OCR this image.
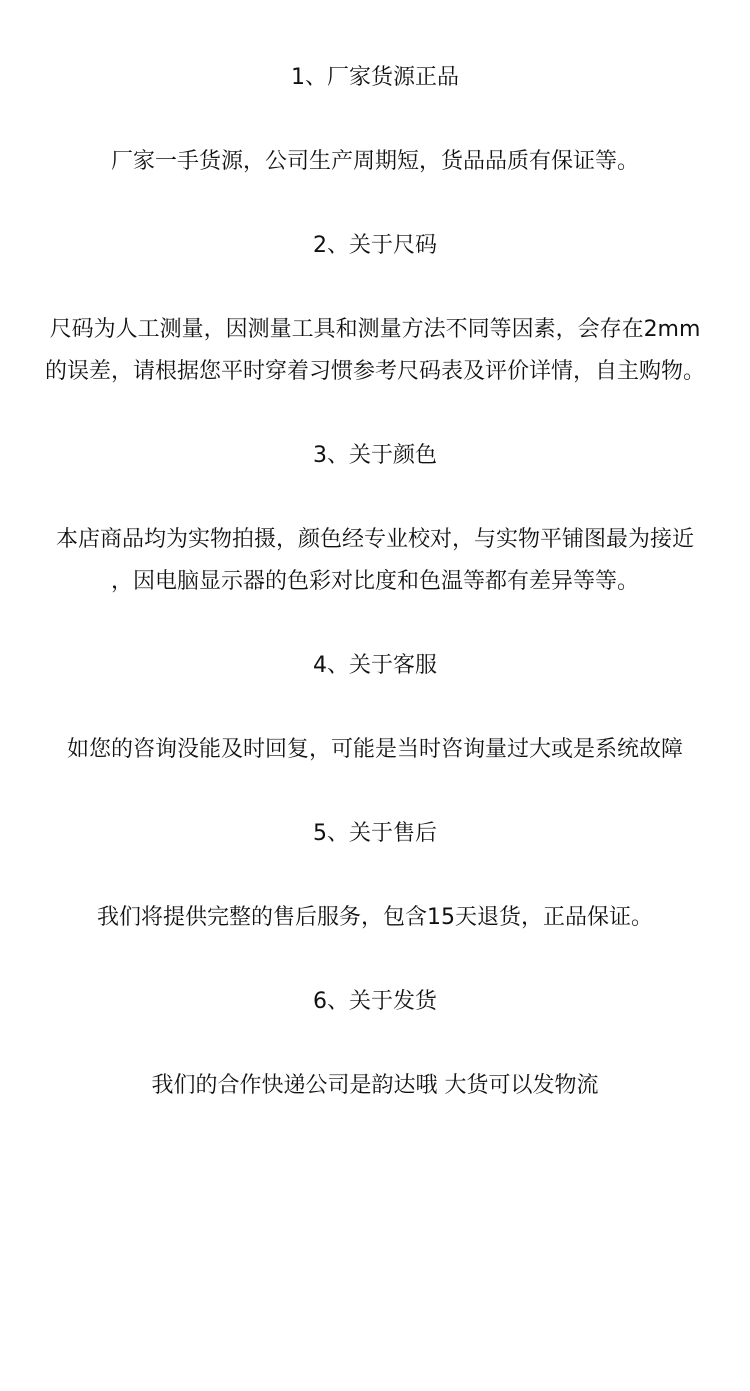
1、厂家货源正品
厂家一手货源，公司生产周期短，货品品质有保证等。
2、关于尺码
尺码为人工测量，因测量工具和测量方法不同等因素，会存在2mm
的误差，请根据您平时穿着习惯参考尺码表及评价详情，自主购物。
3、关于颜色
本店商品均为实物拍摄，颜色经专业校对，与实物平铺图最为接近
，因电脑显示器的色彩对比度和色温等都有差异等等。
4、关于客服
如您的咨询没能及时回复，可能是当时咨询量过大或是系统故障
5、关于售后
我们将提供完整的售后服务，包含15天退货，正品保证。
6、关于发货
我们的合作快递公司是韵达哦 大货可以发物流
